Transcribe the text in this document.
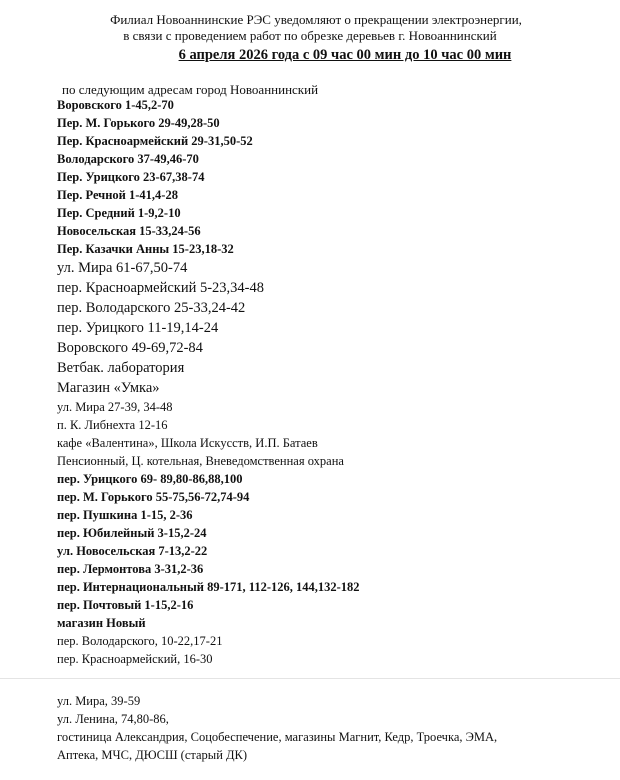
Филиал Новоаннинские РЭС уведомляют о прекращении электроэнергии,
в связи с проведением работ по обрезке деревьев г. Новоаннинский
6 апреля 2026 года с 09 час 00 мин до 10 час 00 мин
по следующим адресам город Новоаннинский
Воровского 1-45,2-70
Пер. М. Горького 29-49,28-50
Пер. Красноармейский 29-31,50-52
Володарского 37-49,46-70
Пер. Урицкого 23-67,38-74
Пер. Речной 1-41,4-28
Пер. Средний 1-9,2-10
Новосельская 15-33,24-56
Пер. Казачки Анны 15-23,18-32
ул. Мира 61-67,50-74
пер. Красноармейский 5-23,34-48
пер. Володарского 25-33,24-42
пер. Урицкого 11-19,14-24
Воровского 49-69,72-84
Ветбак. лаборатория
Магазин «Умка»
ул. Мира 27-39, 34-48
п. К. Либнехта 12-16
кафе «Валентина», Школа Искусств, И.П. Батаев
Пенсионный, Ц. котельная, Вневедомственная охрана
пер. Урицкого 69- 89,80-86,88,100
пер. М. Горького 55-75,56-72,74-94
пер. Пушкина 1-15, 2-36
пер. Юбилейный 3-15,2-24
ул. Новосельская 7-13,2-22
пер. Лермонтова 3-31,2-36
пер. Интернациональный 89-171, 112-126, 144,132-182
пер. Почтовый 1-15,2-16
магазин Новый
пер. Володарского, 10-22,17-21
пер. Красноармейский, 16-30
ул. Мира, 39-59
ул. Ленина, 74,80-86,
гостиница Александрия, Соцобеспечение, магазины Магнит, Кедр, Троечка, ЭМА,
Аптека, МЧС, ДЮСШ (старый ДК)
